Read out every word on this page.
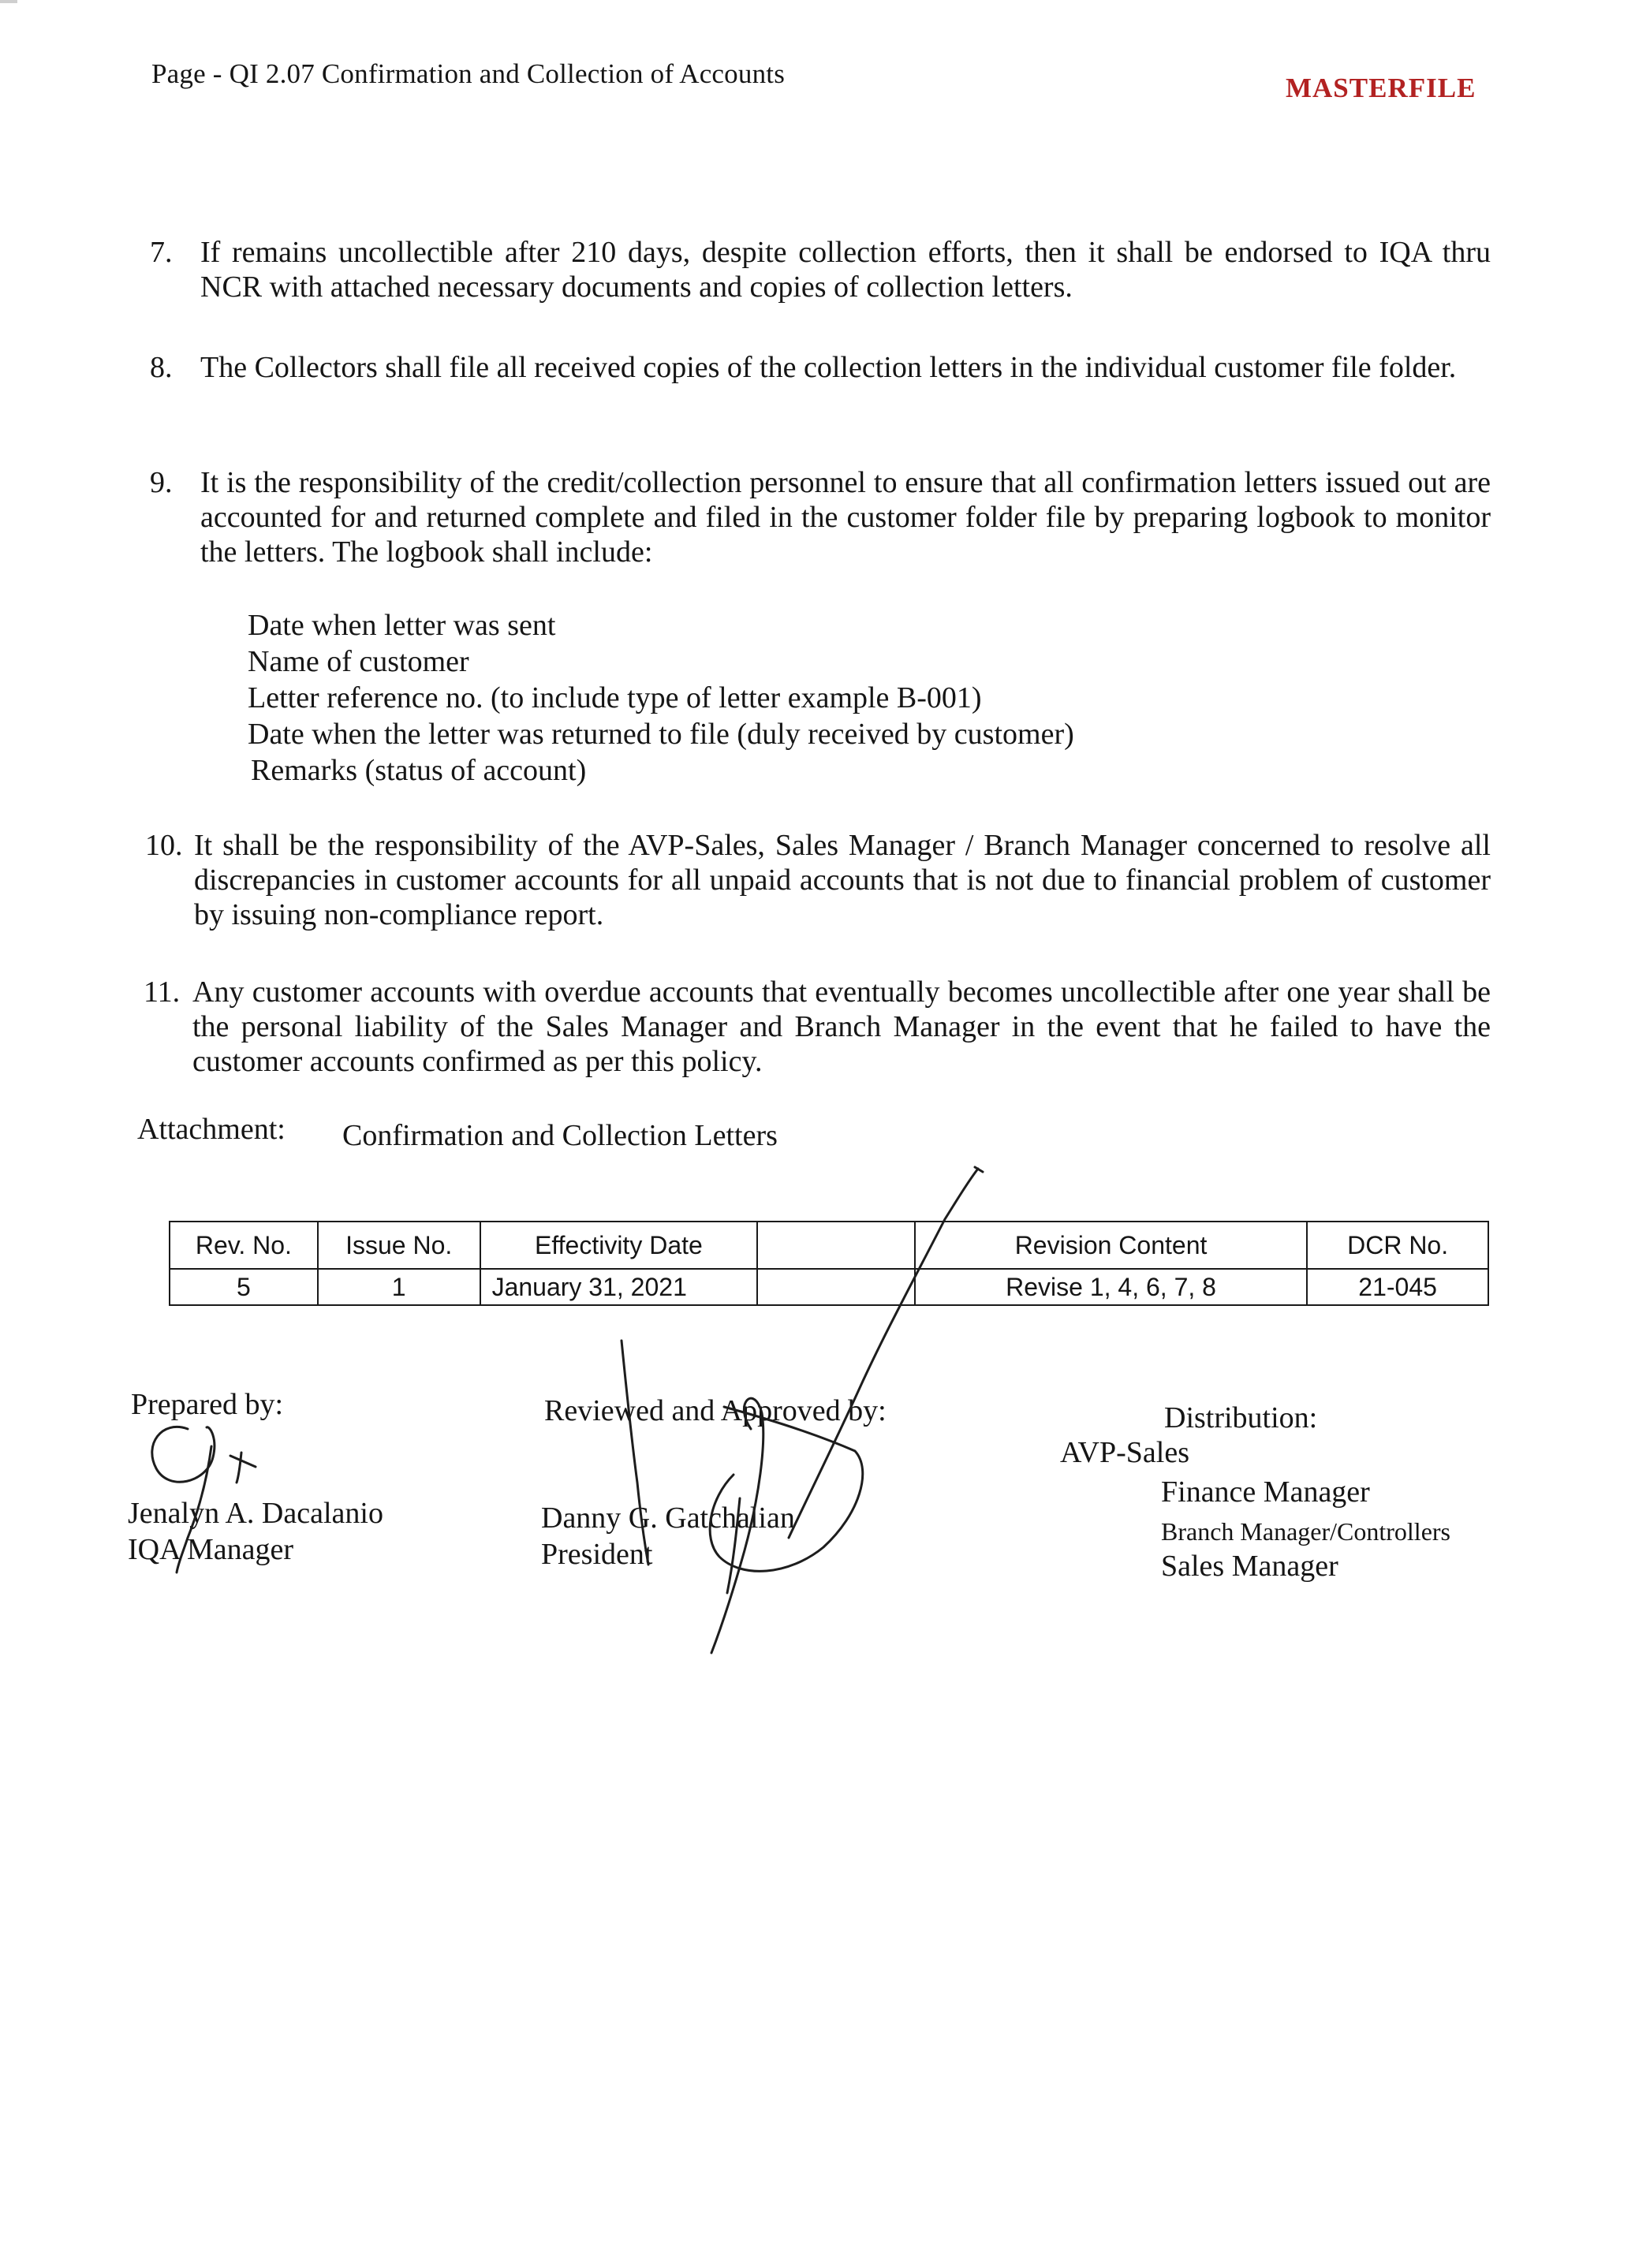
Page - QI 2.07 Confirmation and Collection of Accounts	MASTERFILE
7. If remains uncollectible after 210 days, despite collection efforts, then it shall be endorsed to IQA thru NCR with attached necessary documents and copies of collection letters.
8. The Collectors shall file all received copies of the collection letters in the individual customer file folder.
9. It is the responsibility of the credit/collection personnel to ensure that all confirmation letters issued out are accounted for and returned complete and filed in the customer folder file by preparing logbook to monitor the letters. The logbook shall include:
Date when letter was sent
Name of customer
Letter reference no. (to include type of letter example B-001)
Date when the letter was returned to file (duly received by customer)
Remarks (status of account)
10. It shall be the responsibility of the AVP-Sales, Sales Manager / Branch Manager concerned to resolve all discrepancies in customer accounts for all unpaid accounts that is not due to financial problem of customer by issuing non-compliance report.
11. Any customer accounts with overdue accounts that eventually becomes uncollectible after one year shall be the personal liability of the Sales Manager and Branch Manager in the event that he failed to have the customer accounts confirmed as per this policy.
Attachment: Confirmation and Collection Letters
Rev. No.	Issue No.	Effectivity Date		Revision Content	DCR No.
5	1	January 31, 2021		Revise 1, 4, 6, 7, 8	21-045
Prepared by:
Jenalyn A. Dacalanio
IQA Manager
Reviewed and Approved by:
Danny G. Gatchalian
President
Distribution:
AVP-Sales
Finance Manager
Branch Manager/Controllers
Sales Manager
